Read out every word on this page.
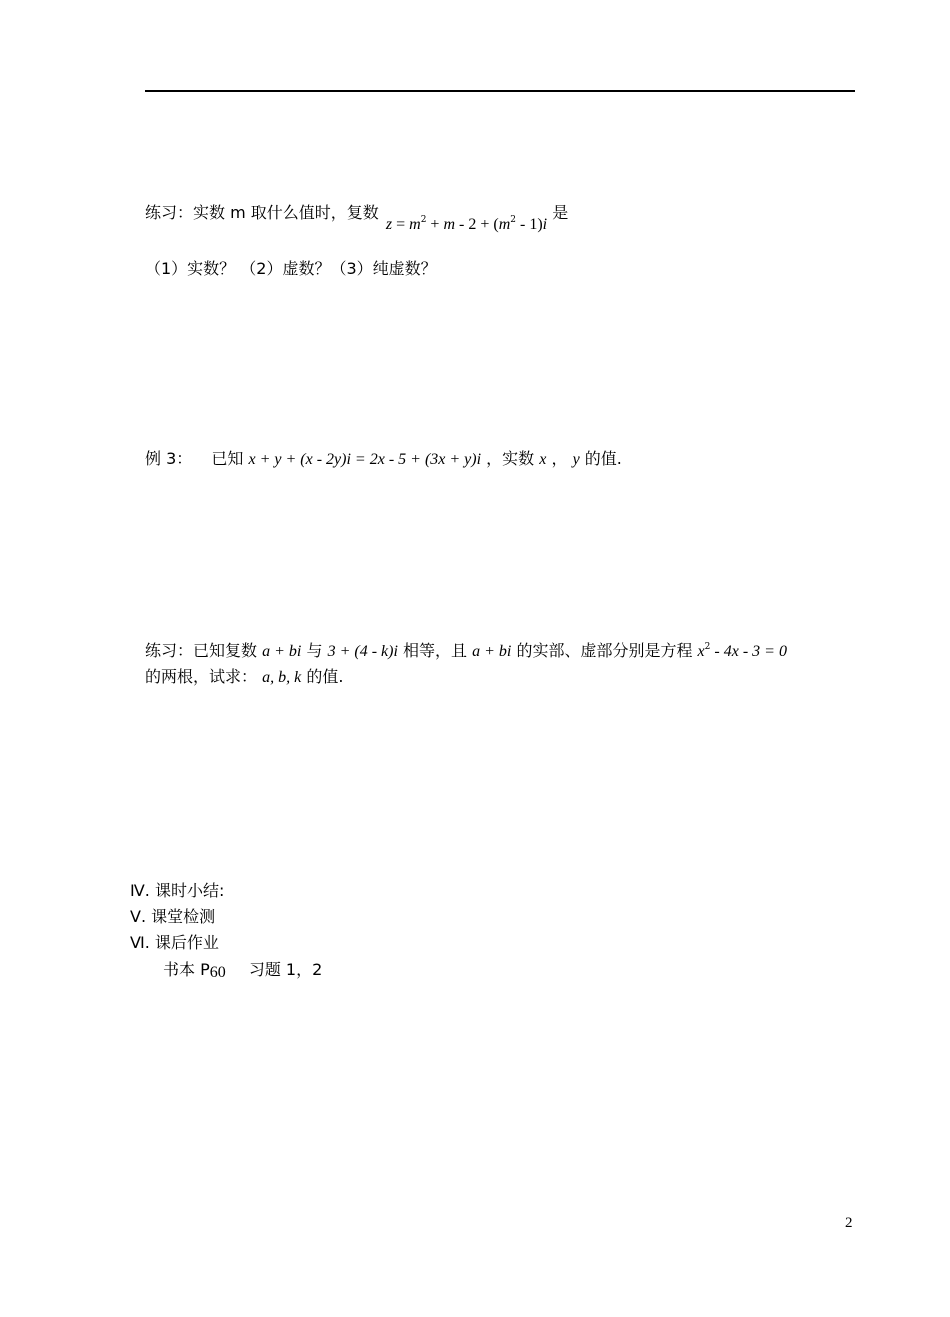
练习：实数 m 取什么值时，复数 $z = m^2 + m - 2 + (m^2 - 1)i$ 是
（1）实数？ （2）虚数？（3）纯虚数？
例 3： 已知 x + y + (x - 2y)i = 2x - 5 + (3x + y)i ，实数 x ， y 的值.
练习：已知复数 a + bi 与 3 + (4 - k)i 相等，且 a + bi 的实部、虚部分别是方程 $x^2 - 4x - 3 = 0$
的两根，试求： a, b, k 的值.
Ⅳ. 课时小结:
Ⅴ. 课堂检测
Ⅵ. 课后作业
书本 $P_{60}$ 习题 1，2
2
